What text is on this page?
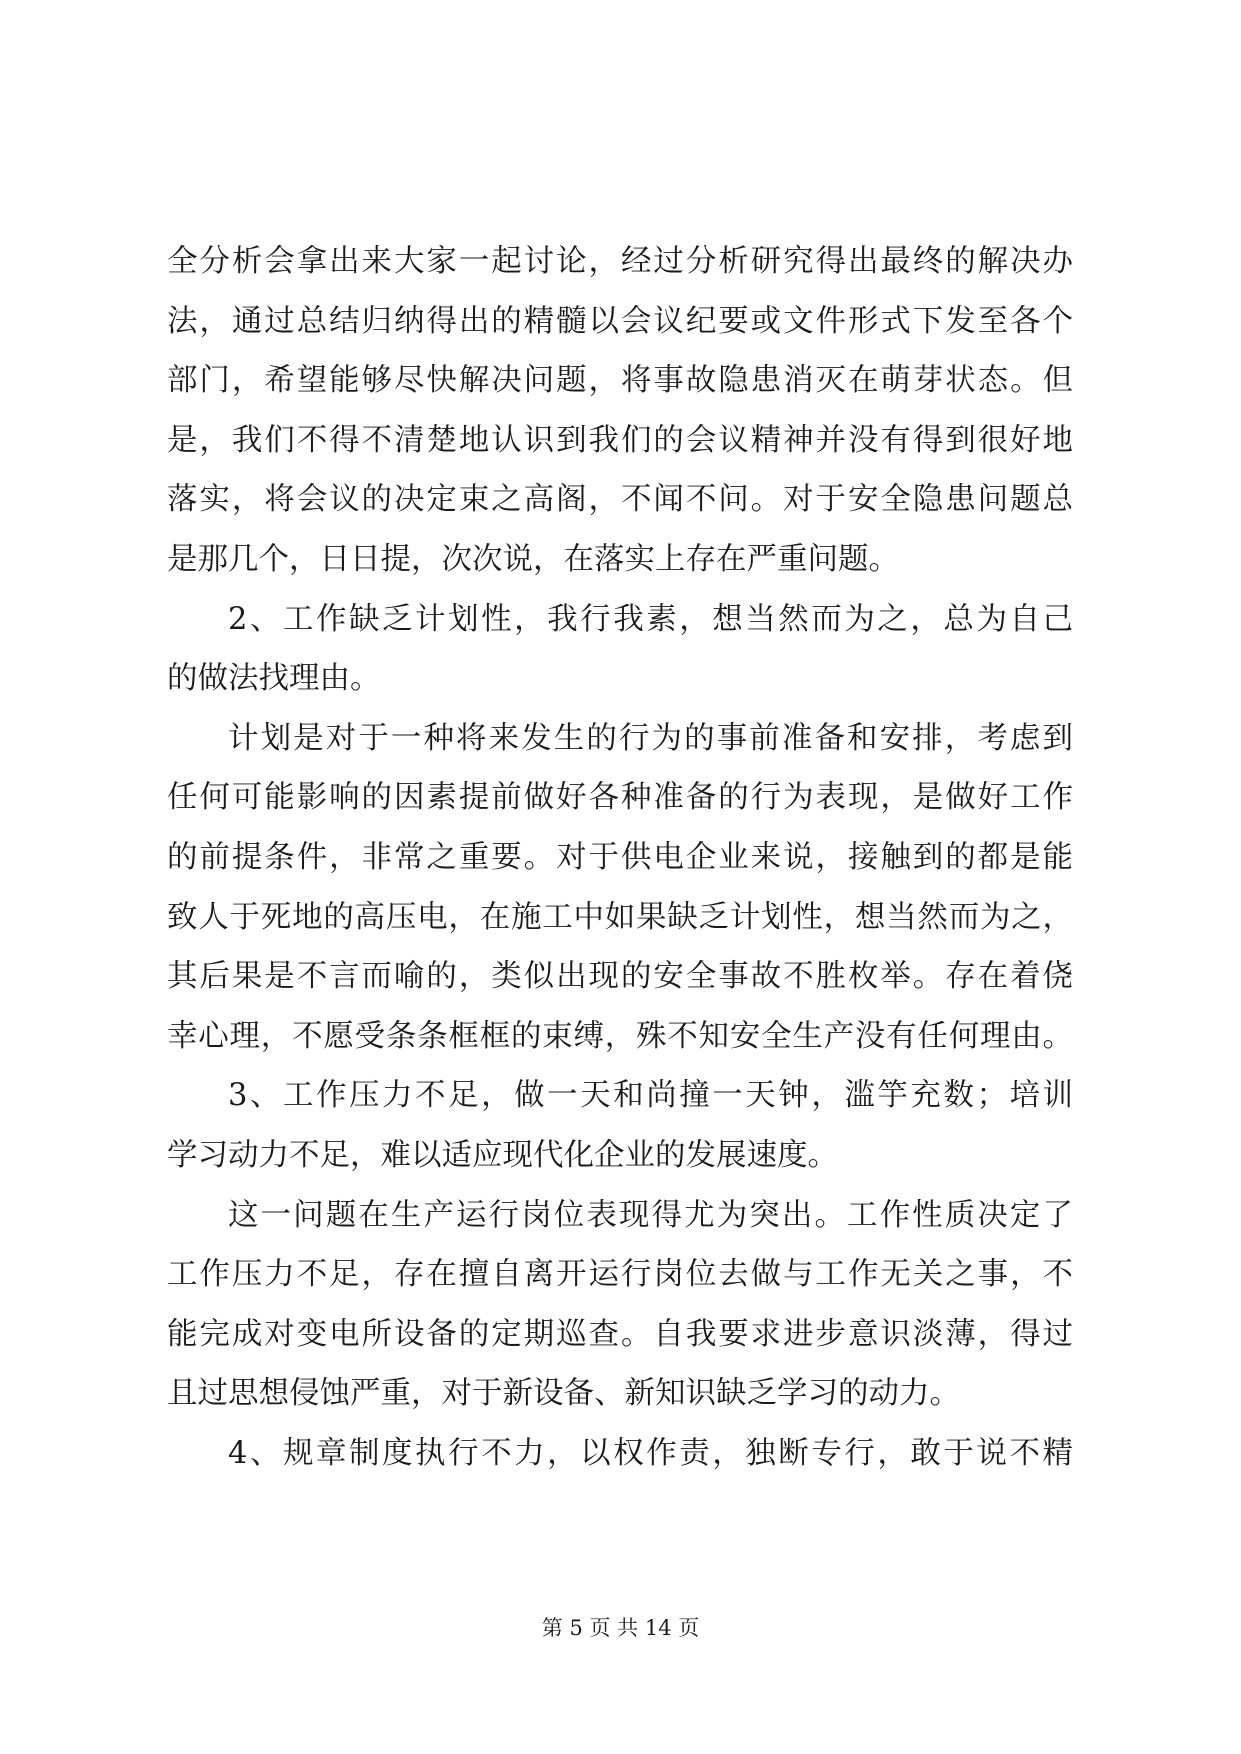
全分析会拿出来大家一起讨论，经过分析研究得出最终的解决办
法，通过总结归纳得出的精髓以会议纪要或文件形式下发至各个
部门，希望能够尽快解决问题，将事故隐患消灭在萌芽状态。但
是，我们不得不清楚地认识到我们的会议精神并没有得到很好地
落实，将会议的决定束之高阁，不闻不问。对于安全隐患问题总
是那几个，日日提，次次说，在落实上存在严重问题。
2、工作缺乏计划性，我行我素，想当然而为之，总为自己
的做法找理由。
计划是对于一种将来发生的行为的事前准备和安排，考虑到
任何可能影响的因素提前做好各种准备的行为表现，是做好工作
的前提条件，非常之重要。对于供电企业来说，接触到的都是能
致人于死地的高压电，在施工中如果缺乏计划性，想当然而为之，
其后果是不言而喻的，类似出现的安全事故不胜枚举。存在着侥
幸心理，不愿受条条框框的束缚，殊不知安全生产没有任何理由。
3、工作压力不足，做一天和尚撞一天钟，滥竽充数；培训
学习动力不足，难以适应现代化企业的发展速度。
这一问题在生产运行岗位表现得尤为突出。工作性质决定了
工作压力不足，存在擅自离开运行岗位去做与工作无关之事，不
能完成对变电所设备的定期巡查。自我要求进步意识淡薄，得过
且过思想侵蚀严重，对于新设备、新知识缺乏学习的动力。
4、规章制度执行不力，以权作责，独断专行，敢于说不精
第 5 页 共 14 页
